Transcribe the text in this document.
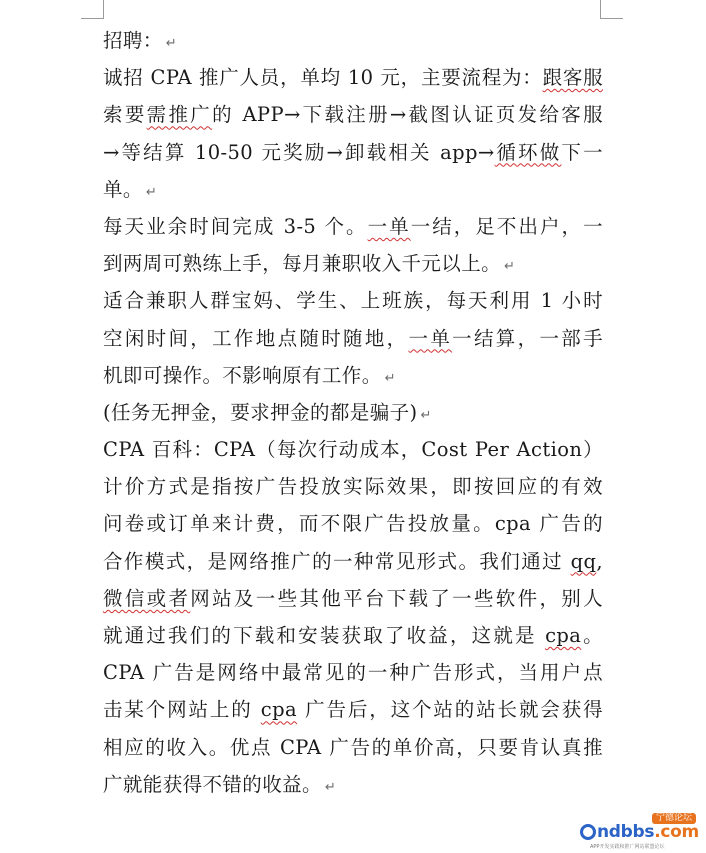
招聘： ↵
诚招 CPA 推广人员，单均 10 元，主要流程为：跟客服
索要需推广的 APP→下载注册→截图认证页发给客服
→等结算 10-50 元奖励→卸载相关 app→循环做下一
单。 ↵
每天业余时间完成 3-5 个。一单一结，足不出户，一
到两周可熟练上手，每月兼职收入千元以上。 ↵
适合兼职人群宝妈、学生、上班族，每天利用 1 小时
空闲时间，工作地点随时随地，一单一结算，一部手
机即可操作。不影响原有工作。 ↵
(任务无押金，要求押金的都是骗子) ↵
CPA 百科：CPA（每次行动成本，Cost Per Action）
计价方式是指按广告投放实际效果，即按回应的有效
问卷或订单来计费，而不限广告投放量。cpa 广告的
合作模式，是网络推广的一种常见形式。我们通过 qq,
微信或者网站及一些其他平台下载了一些软件，别人
就通过我们的下载和安装获取了收益，这就是 cpa。
CPA 广告是网络中最常见的一种广告形式，当用户点
击某个网站上的 cpa 广告后，这个站的站长就会获得
相应的收入。优点 CPA 广告的单价高，只要肯认真推
广就能获得不错的收益。 ↵
宁德论坛
ndbbs.com
APP开发实践和推广网站联盟论坛
